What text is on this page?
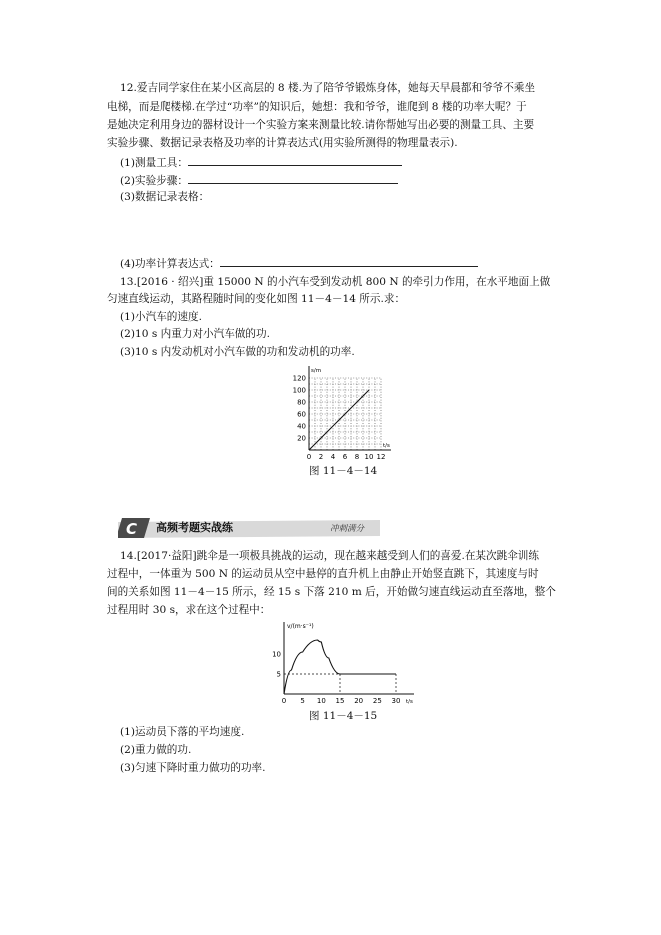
12.爱吉同学家住在某小区高层的 8 楼.为了陪爷爷锻炼身体，她每天早晨都和爷爷不乘坐
电梯，而是爬楼梯.在学过“功率”的知识后，她想：我和爷爷，谁爬到 8 楼的功率大呢？于
是她决定利用身边的器材设计一个实验方案来测量比较.请你帮她写出必要的测量工具、主要
实验步骤、数据记录表格及功率的计算表达式(用实验所测得的物理量表示).
(1)测量工具：
(2)实验步骤：
(3)数据记录表格：
(4)功率计算表达式：
13.[2016 · 绍兴]重 15000 N 的小汽车受到发动机 800 N 的牵引力作用，在水平地面上做
匀速直线运动，其路程随时间的变化如图 11－4－14 所示.求：
(1)小汽车的速度.
(2)10 s 内重力对小汽车做的功.
(3)10 s 内发动机对小汽车做的功和发动机的功率.
0 2 4 6 8 10 12
20
40
60
80
100
120
t/s
s/m
图 11－4－14
C 高频考题实战练	冲刺满分
14.[2017·益阳]跳伞是一项极具挑战的运动，现在越来越受到人们的喜爱.在某次跳伞训练
过程中，一体重为 500 N 的运动员从空中悬停的直升机上由静止开始竖直跳下，其速度与时
间的关系如图 11－4－15 所示，经 15 s 下落 210 m 后，开始做匀速直线运动直至落地，整个
过程用时 30 s，求在这个过程中：
0 5 10 15 20 25 30
5
10
t/s
v/(m·s⁻¹)
图 11－4－15
(1)运动员下落的平均速度.
(2)重力做的功.
(3)匀速下降时重力做功的功率.
